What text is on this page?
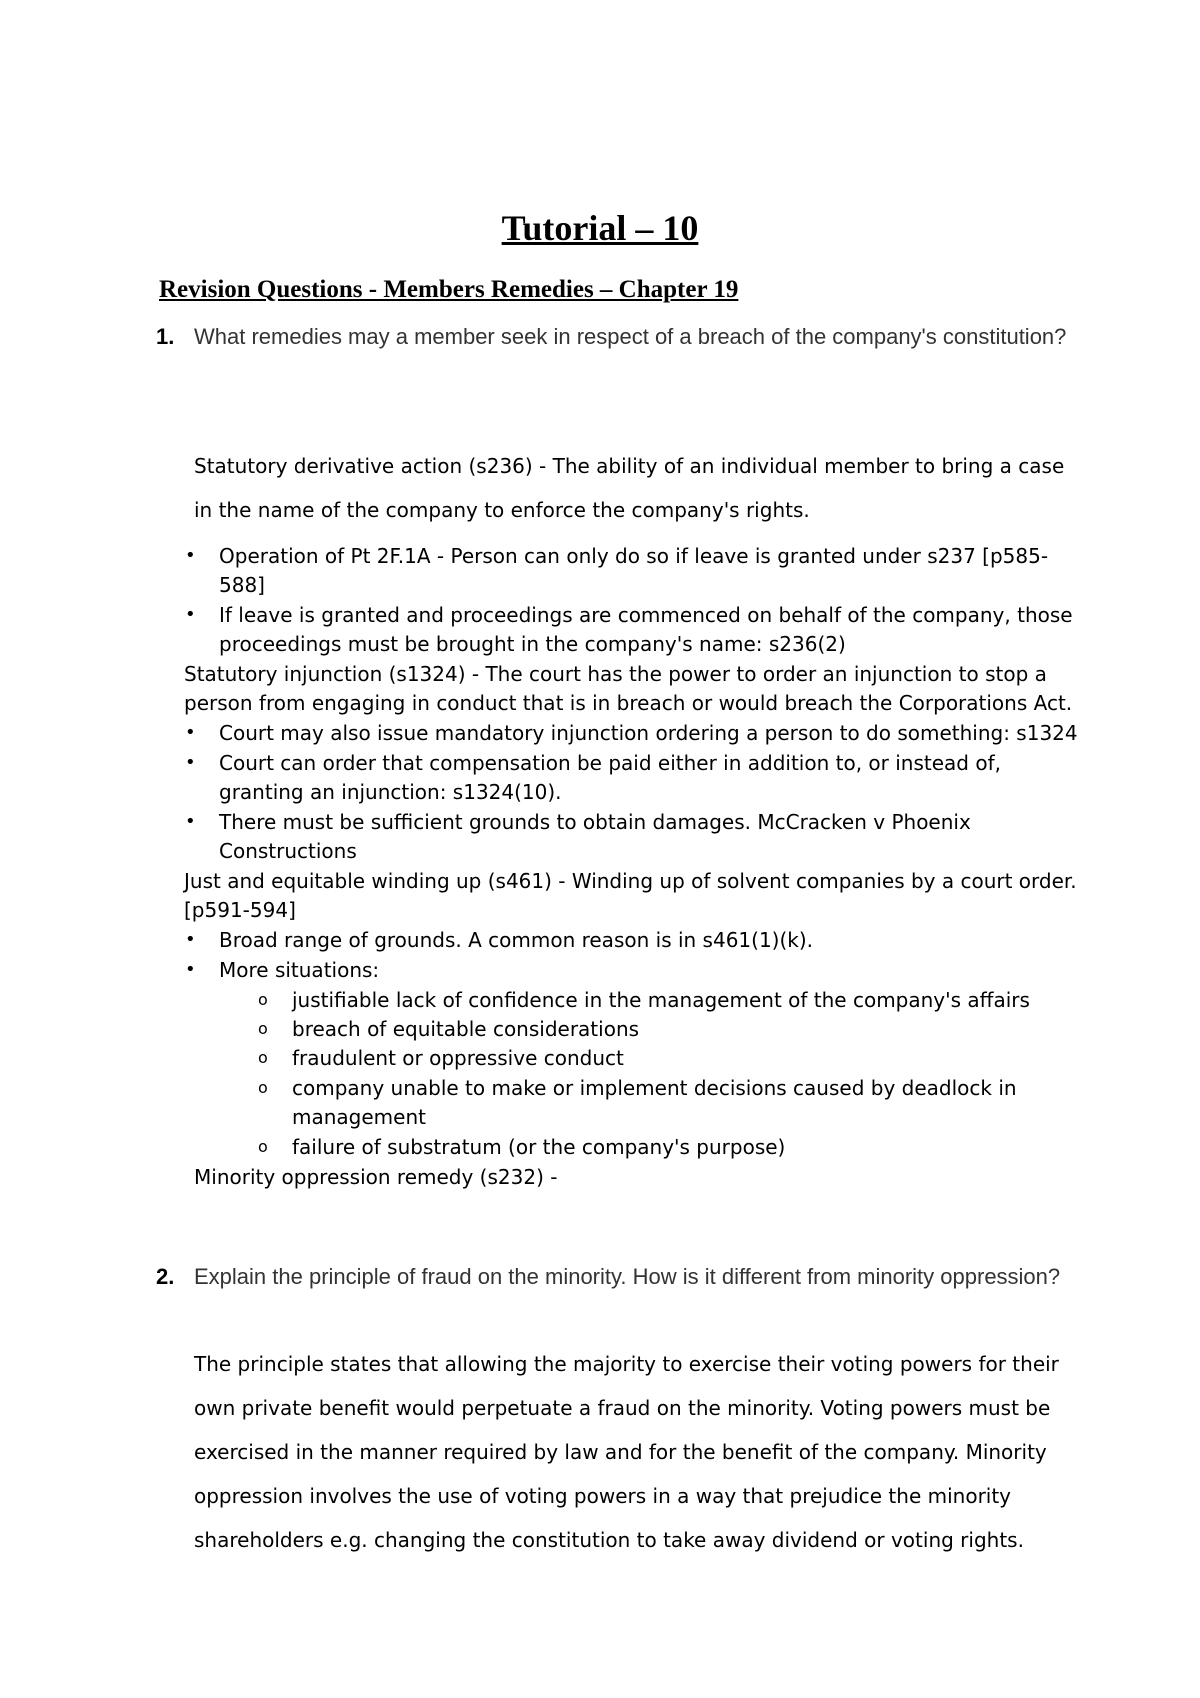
Tutorial – 10
Revision Questions - Members Remedies – Chapter 19
1. What remedies may a member seek in respect of a breach of the company's constitution?
Statutory derivative action (s236) - The ability of an individual member to bring a case in the name of the company to enforce the company's rights.
• Operation of Pt 2F.1A - Person can only do so if leave is granted under s237 [p585-
588]
• If leave is granted and proceedings are commenced on behalf of the company, those
proceedings must be brought in the company's name: s236(2)
Statutory injunction (s1324) - The court has the power to order an injunction to stop a
person from engaging in conduct that is in breach or would breach the Corporations Act.
• Court may also issue mandatory injunction ordering a person to do something: s1324
• Court can order that compensation be paid either in addition to, or instead of,
granting an injunction: s1324(10).
• There must be sufficient grounds to obtain damages. McCracken v Phoenix
Constructions
Just and equitable winding up (s461) - Winding up of solvent companies by a court order.
[p591-594]
• Broad range of grounds. A common reason is in s461(1)(k).
• More situations:
o justifiable lack of confidence in the management of the company's affairs
o breach of equitable considerations
o fraudulent or oppressive conduct
o company unable to make or implement decisions caused by deadlock in
management
o failure of substratum (or the company's purpose)
Minority oppression remedy (s232) -
2. Explain the principle of fraud on the minority. How is it different from minority oppression?
The principle states that allowing the majority to exercise their voting powers for their own private benefit would perpetuate a fraud on the minority. Voting powers must be exercised in the manner required by law and for the benefit of the company. Minority oppression involves the use of voting powers in a way that prejudice the minority shareholders e.g. changing the constitution to take away dividend or voting rights.
